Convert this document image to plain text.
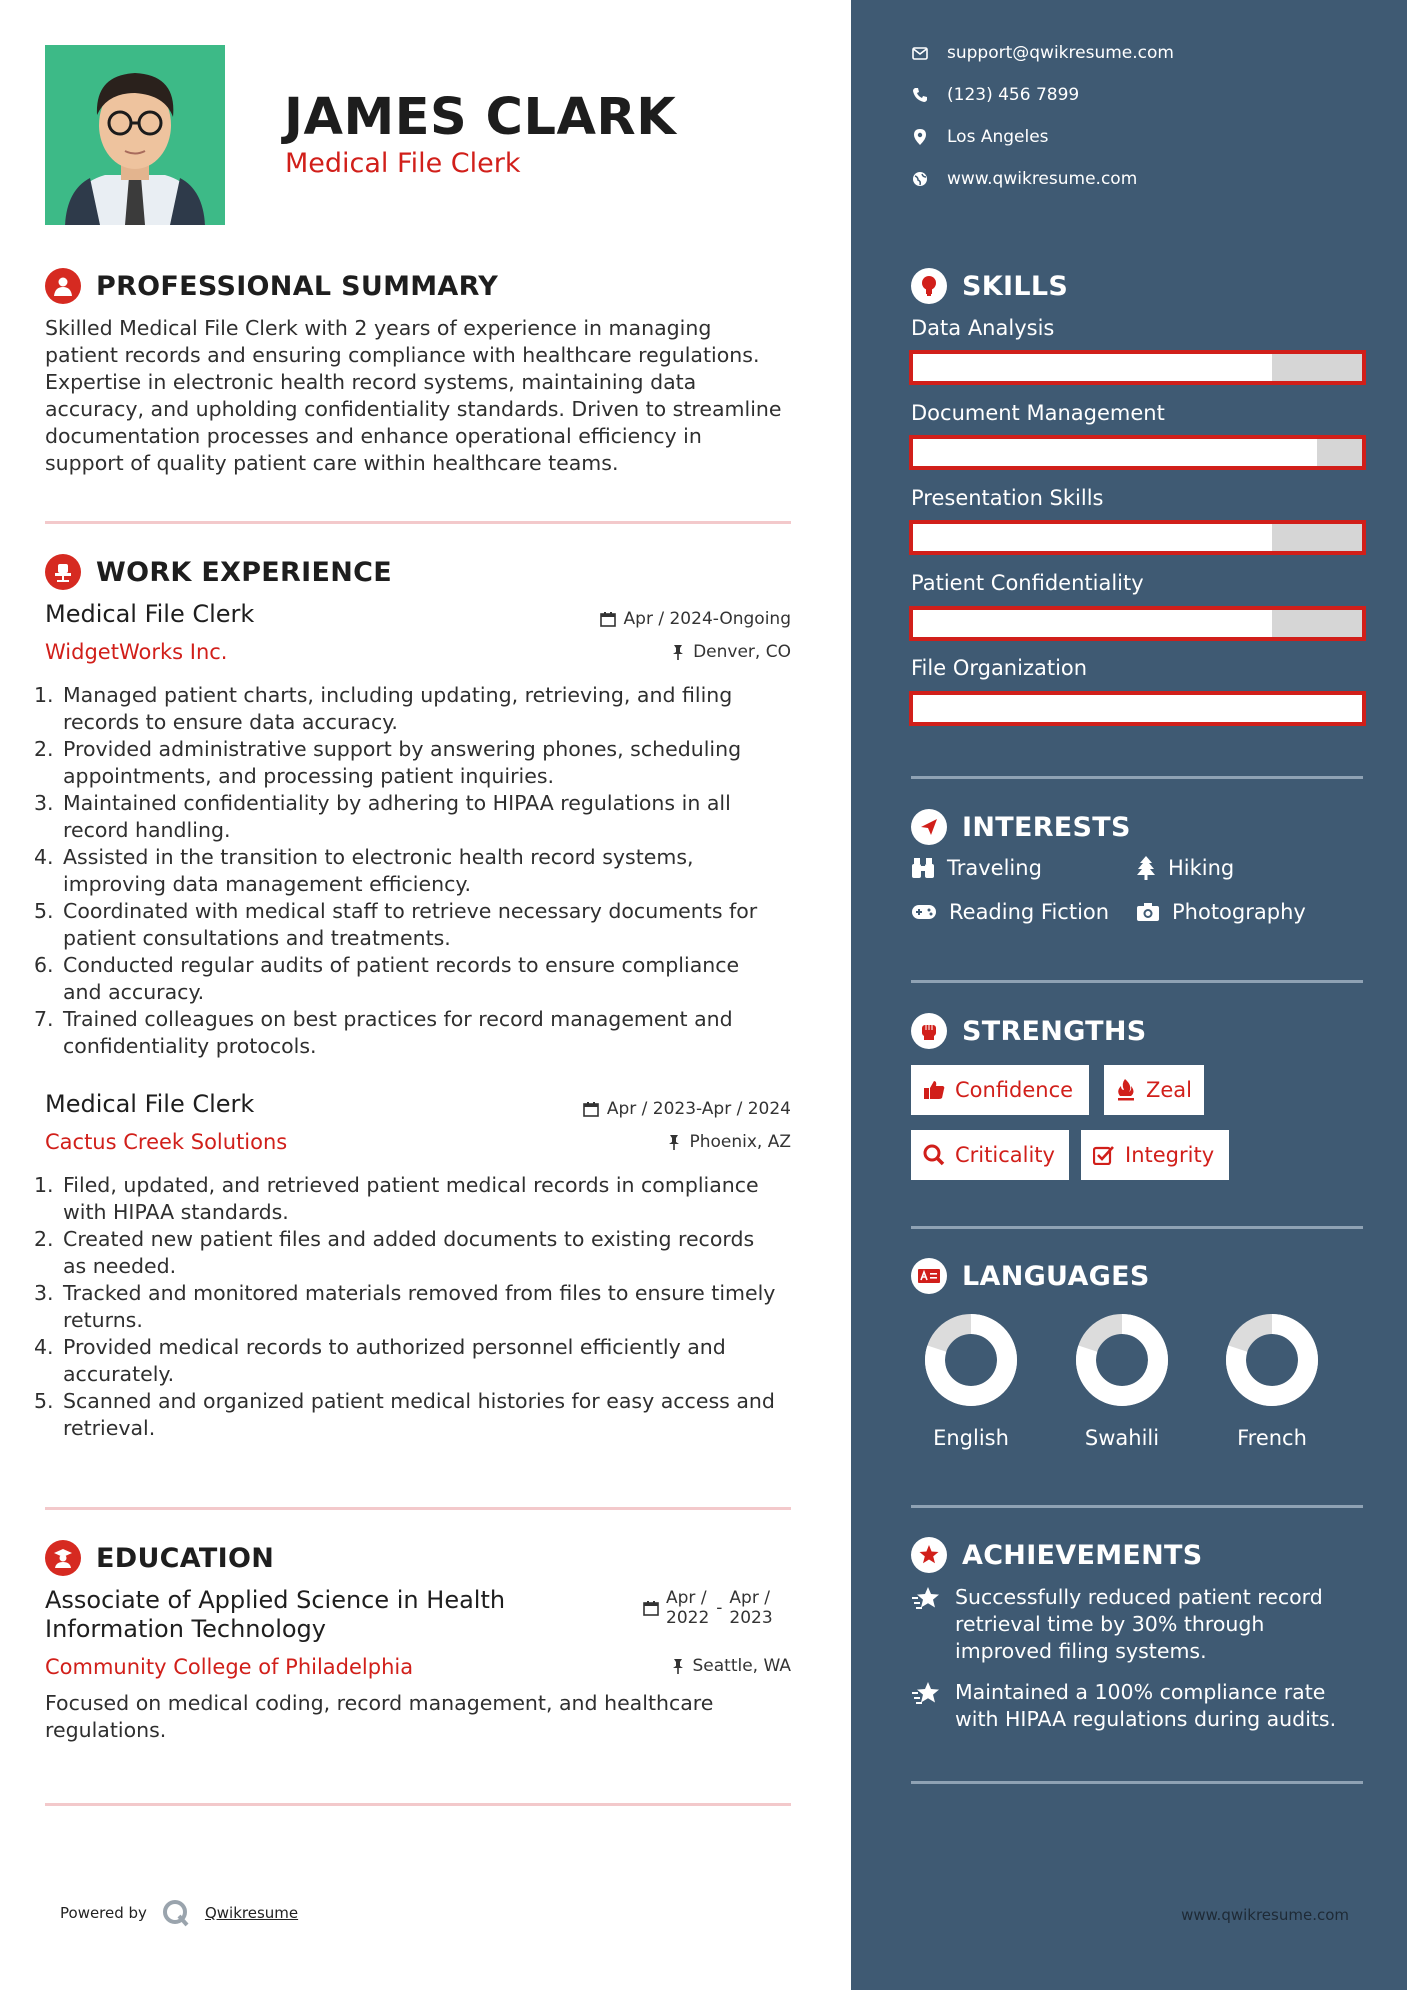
JAMES CLARK
Medical File Clerk
PROFESSIONAL SUMMARY
Skilled Medical File Clerk with 2 years of experience in managing
patient records and ensuring compliance with healthcare regulations.
Expertise in electronic health record systems, maintaining data
accuracy, and upholding confidentiality standards. Driven to streamline
documentation processes and enhance operational efficiency in
support of quality patient care within healthcare teams.
WORK EXPERIENCE
Medical File Clerk	Apr / 2024-Ongoing
WidgetWorks Inc.	Denver, CO
1. Managed patient charts, including updating, retrieving, and filing
records to ensure data accuracy.
2. Provided administrative support by answering phones, scheduling
appointments, and processing patient inquiries.
3. Maintained confidentiality by adhering to HIPAA regulations in all
record handling.
4. Assisted in the transition to electronic health record systems,
improving data management efficiency.
5. Coordinated with medical staff to retrieve necessary documents for
patient consultations and treatments.
6. Conducted regular audits of patient records to ensure compliance
and accuracy.
7. Trained colleagues on best practices for record management and
confidentiality protocols.
Medical File Clerk	Apr / 2023-Apr / 2024
Cactus Creek Solutions	Phoenix, AZ
1. Filed, updated, and retrieved patient medical records in compliance
with HIPAA standards.
2. Created new patient files and added documents to existing records
as needed.
3. Tracked and monitored materials removed from files to ensure timely
returns.
4. Provided medical records to authorized personnel efficiently and
accurately.
5. Scanned and organized patient medical histories for easy access and
retrieval.
EDUCATION
Associate of Applied Science in Health
Information Technology
Apr /
2022 - Apr /
2023
Community College of Philadelphia	Seattle, WA
Focused on medical coding, record management, and healthcare
regulations.
Powered by	Qwikresume
support@qwikresume.com
(123) 456 7899
Los Angeles
www.qwikresume.com
SKILLS
Data Analysis
Document Management
Presentation Skills
Patient Confidentiality
File Organization
INTERESTS
Traveling	Hiking
Reading Fiction	Photography
STRENGTHS
Confidence	Zeal
Criticality	Integrity
LANGUAGES
English	Swahili	French
ACHIEVEMENTS
Successfully reduced patient record
retrieval time by 30% through
improved filing systems.
Maintained a 100% compliance rate
with HIPAA regulations during audits.
www.qwikresume.com
